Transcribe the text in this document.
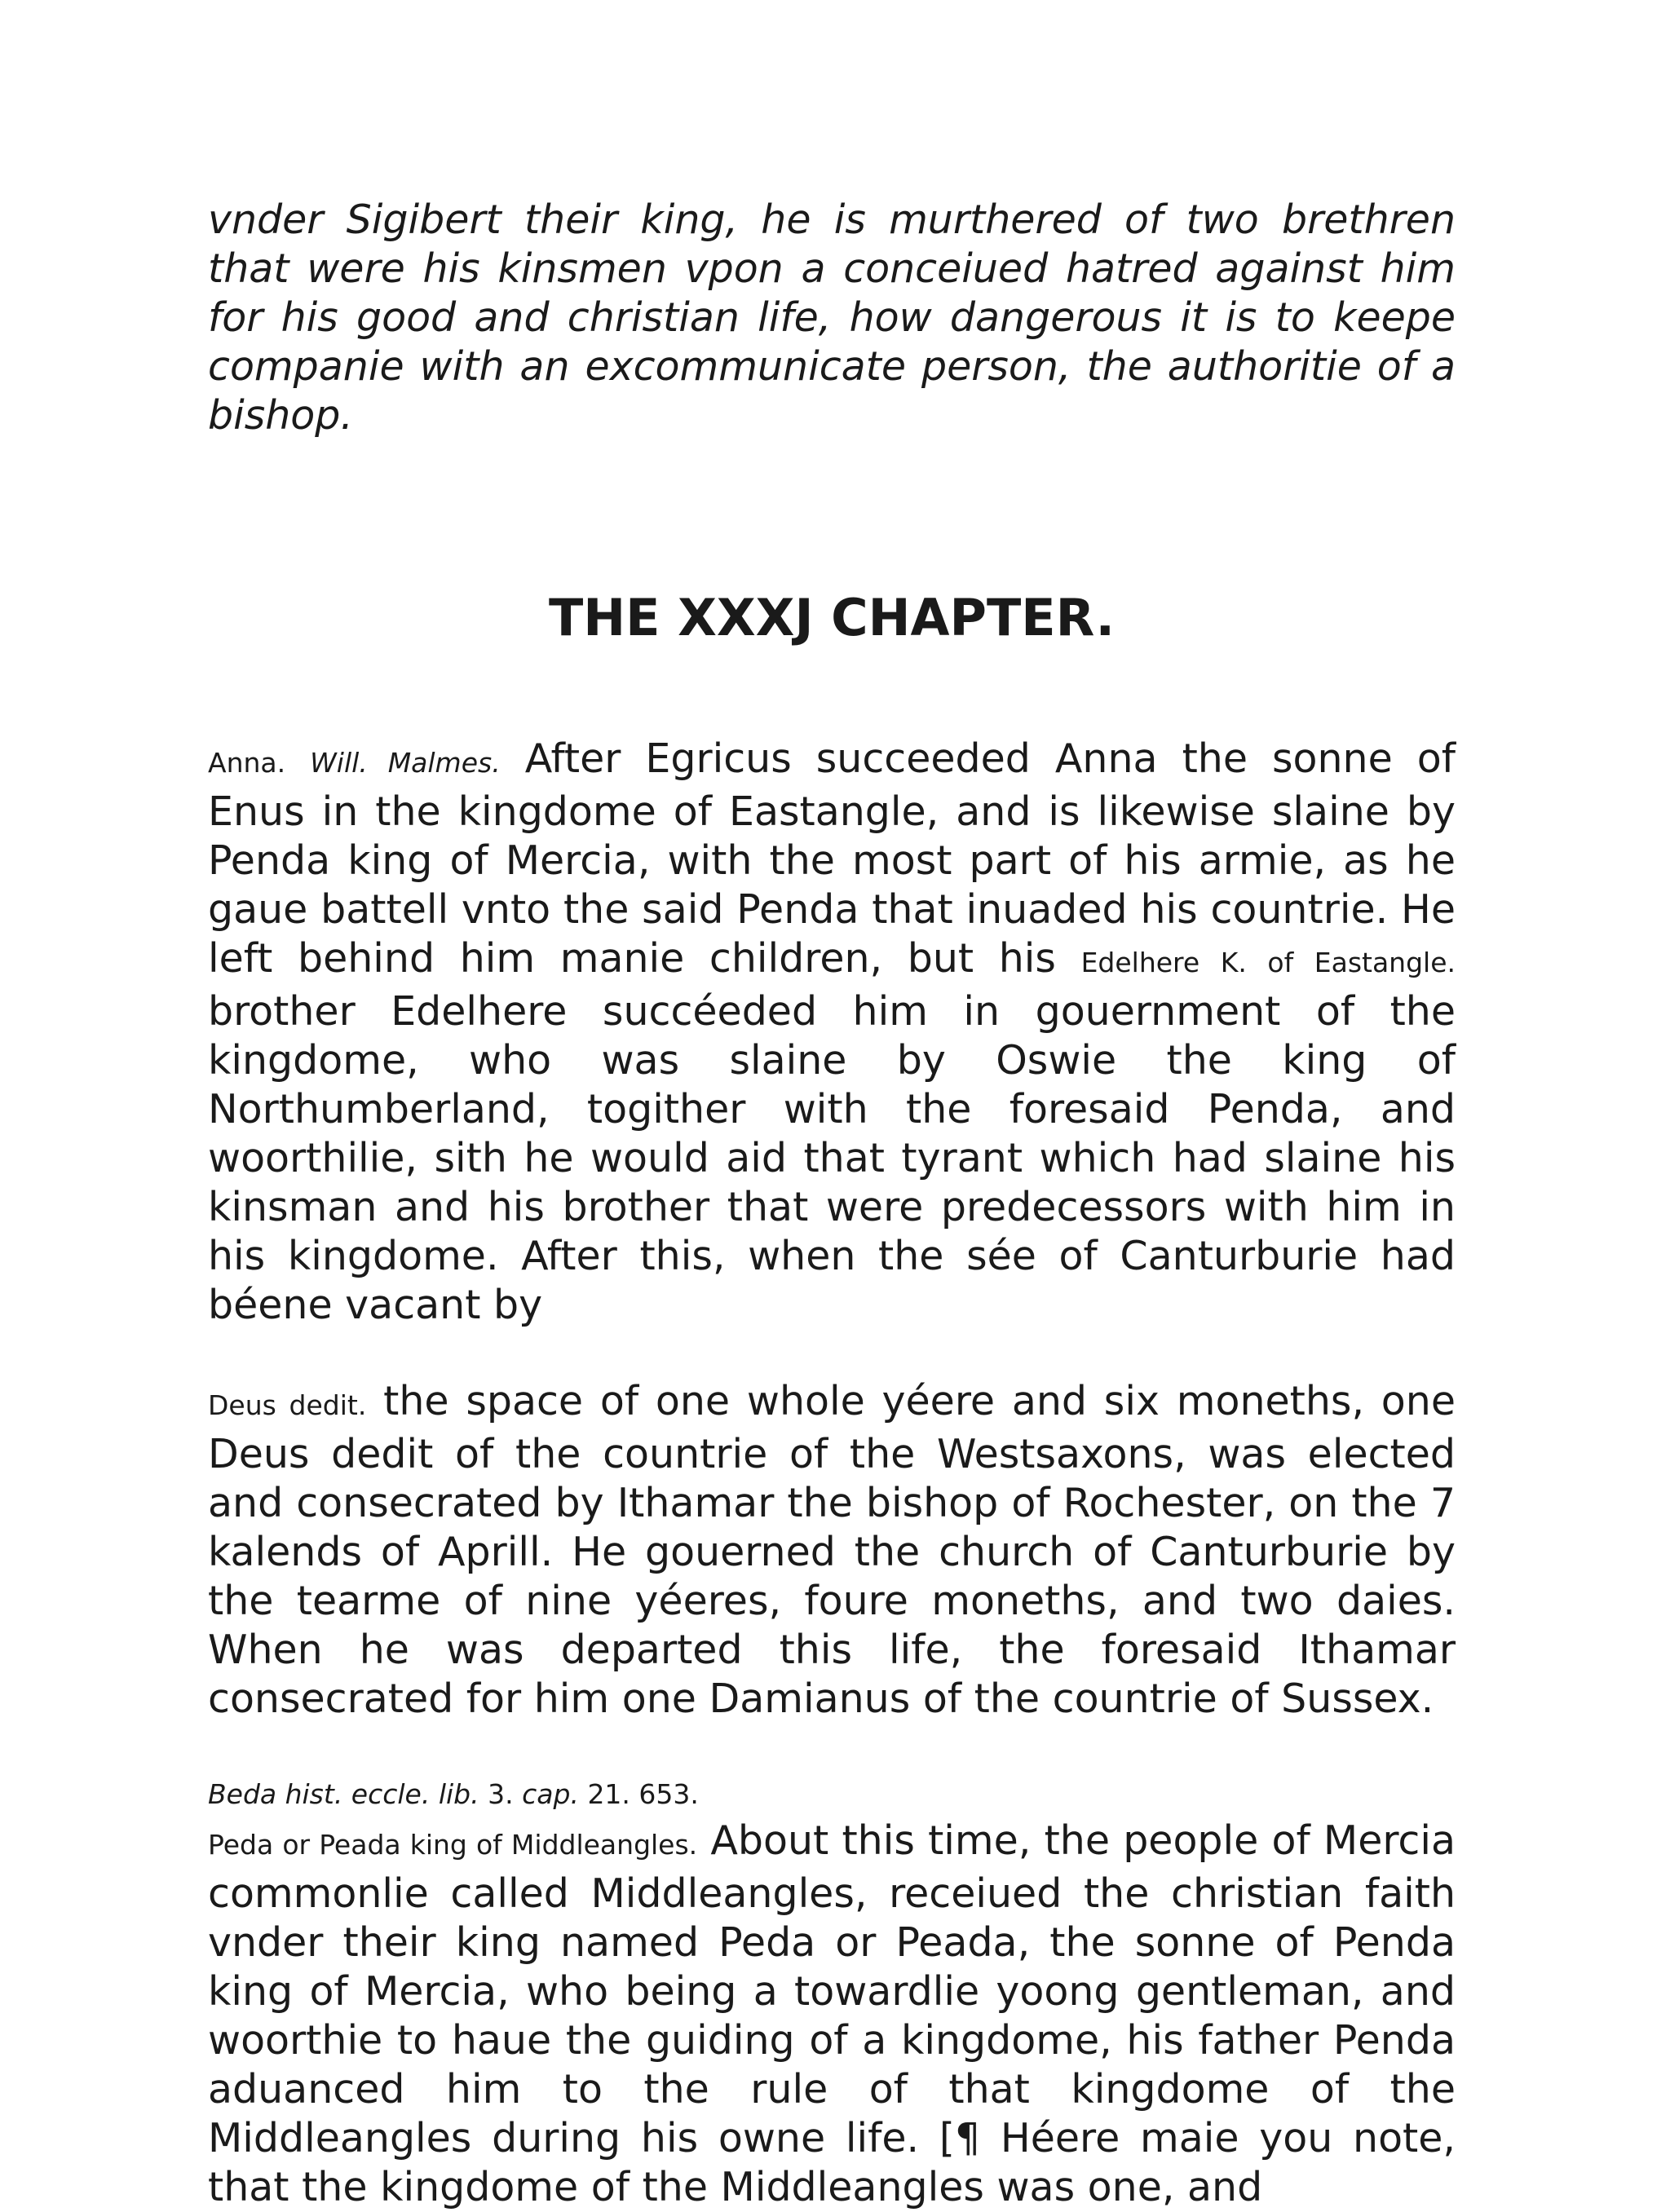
vnder Sigibert their king, he is murthered of two brethren that were his kinsmen vpon a conceiued hatred against him for his good and christian life, how dangerous it is to keepe companie with an excommunicate person, the authoritie of a bishop.

THE XXXJ CHAPTER.

Anna. Will. Malmes. After Egricus succeeded Anna the sonne of Enus in the kingdome of Eastangle, and is likewise slaine by Penda king of Mercia, with the most part of his armie, as he gaue battell vnto the said Penda that inuaded his countrie. He left behind him manie children, but his Edelhere K. of Eastangle. brother Edelhere succéeded him in gouernment of the kingdome, who was slaine by Oswie the king of Northumberland, togither with the foresaid Penda, and woorthilie, sith he would aid that tyrant which had slaine his kinsman and his brother that were predecessors with him in his kingdome. After this, when the sée of Canturburie had béene vacant by

Deus dedit. the space of one whole yéere and six moneths, one Deus dedit of the countrie of the Westsaxons, was elected and consecrated by Ithamar the bishop of Rochester, on the 7 kalends of Aprill. He gouerned the church of Canturburie by the tearme of nine yéeres, foure moneths, and two daies. When he was departed this life, the foresaid Ithamar consecrated for him one Damianus of the countrie of Sussex.

Beda hist. eccle. lib. 3. cap. 21. 653.

Peda or Peada king of Middleangles. About this time, the people of Mercia commonlie called Middleangles, receiued the christian faith vnder their king named Peda or Peada, the sonne of Penda king of Mercia, who being a towardlie yoong gentleman, and woorthie to haue the guiding of a kingdome, his father Penda aduanced him to the rule of that kingdome of the Middleangles during his owne life. [¶ Héere maie you note, that the kingdome of the Middleangles was one, and
